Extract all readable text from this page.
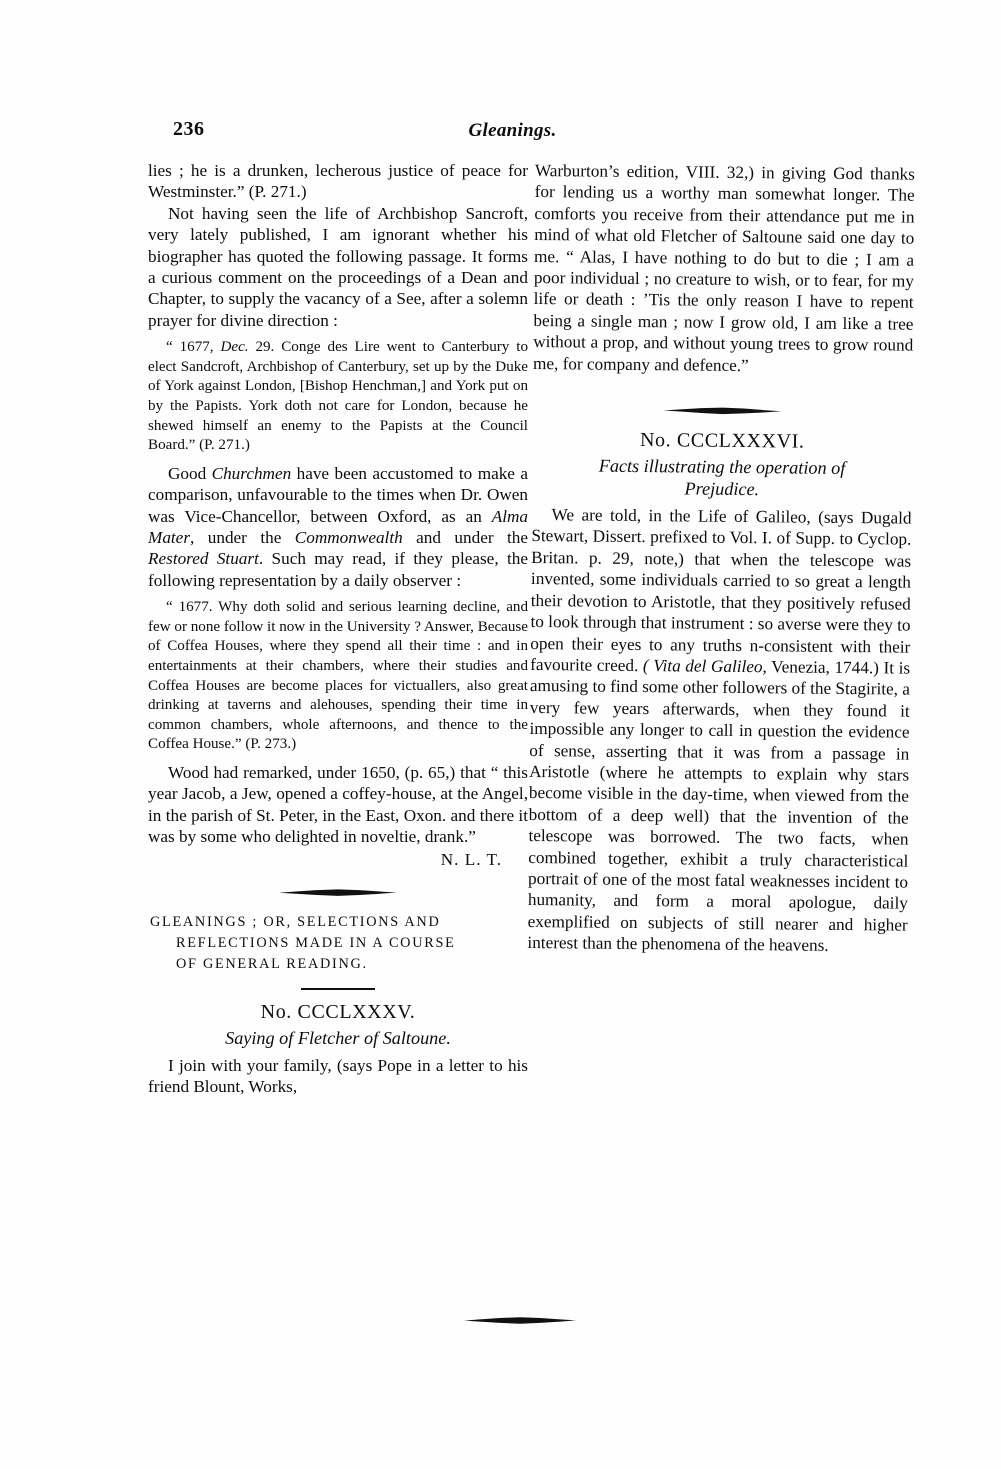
236	Gleanings.

lies ; he is a drunken, lecherous justice of peace for Westminster.” (P. 271.)

Not having seen the life of Archbishop Sancroft, very lately published, I am ignorant whether his biographer has quoted the following passage. It forms a curious comment on the proceedings of a Dean and Chapter, to supply the vacancy of a See, after a solemn prayer for divine direction :

“ 1677, Dec. 29. Conge des Lire went to Canterbury to elect Sandcroft, Archbishop of Canterbury, set up by the Duke of York against London, [Bishop Henchman,] and York put on by the Papists. York doth not care for London, because he shewed himself an enemy to the Papists at the Council Board.” (P. 271.)

Good Churchmen have been accustomed to make a comparison, unfavourable to the times when Dr. Owen was Vice-Chancellor, between Oxford, as an Alma Mater, under the Commonwealth and under the Restored Stuart. Such may read, if they please, the following representation by a daily observer :

“ 1677. Why doth solid and serious learning decline, and few or none follow it now in the University ? Answer, Because of Coffea Houses, where they spend all their time : and in entertainments at their chambers, where their studies and Coffea Houses are become places for victuallers, also great drinking at taverns and alehouses, spending their time in common chambers, whole afternoons, and thence to the Coffea House.” (P. 273.)

Wood had remarked, under 1650, (p. 65,) that “ this year Jacob, a Jew, opened a coffey-house, at the Angel, in the parish of St. Peter, in the East, Oxon. and there it was by some who delighted in noveltie, drank.”

N. L. T.
GLEANINGS ; OR, SELECTIONS AND
REFLECTIONS MADE IN A COURSE
OF GENERAL READING.
No. CCCLXXXV.
Saying of Fletcher of Saltoune.

I join with your family, (says Pope in a letter to his friend Blount, Works,

Warburton’s edition, VIII. 32,) in giving God thanks for lending us a worthy man somewhat longer. The comforts you receive from their attendance put me in mind of what old Fletcher of Saltoune said one day to me. “ Alas, I have nothing to do but to die ; I am a poor individual ; no creature to wish, or to fear, for my life or death : ’Tis the only reason I have to repent being a single man ; now I grow old, I am like a tree without a prop, and without young trees to grow round me, for company and defence.”

No. CCCLXXXVI.
Facts illustrating the operation of
Prejudice.

We are told, in the Life of Galileo, (says Dugald Stewart, Dissert. prefixed to Vol. I. of Supp. to Cyclop. Britan. p. 29, note,) that when the telescope was invented, some individuals carried to so great a length their devotion to Aristotle, that they positively refused to look through that instrument : so averse were they to open their eyes to any truths n-consistent with their favourite creed. ( Vita del Galileo, Venezia, 1744.) It is amusing to find some other followers of the Stagirite, a very few years afterwards, when they found it impossible any longer to call in question the evidence of sense, asserting that it was from a passage in Aristotle (where he attempts to explain why stars become visible in the day-time, when viewed from the bottom of a deep well) that the invention of the telescope was borrowed. The two facts, when combined together, exhibit a truly characteristical portrait of one of the most fatal weaknesses incident to humanity, and form a moral apologue, daily exemplified on subjects of still nearer and higher interest than the phenomena of the heavens.
